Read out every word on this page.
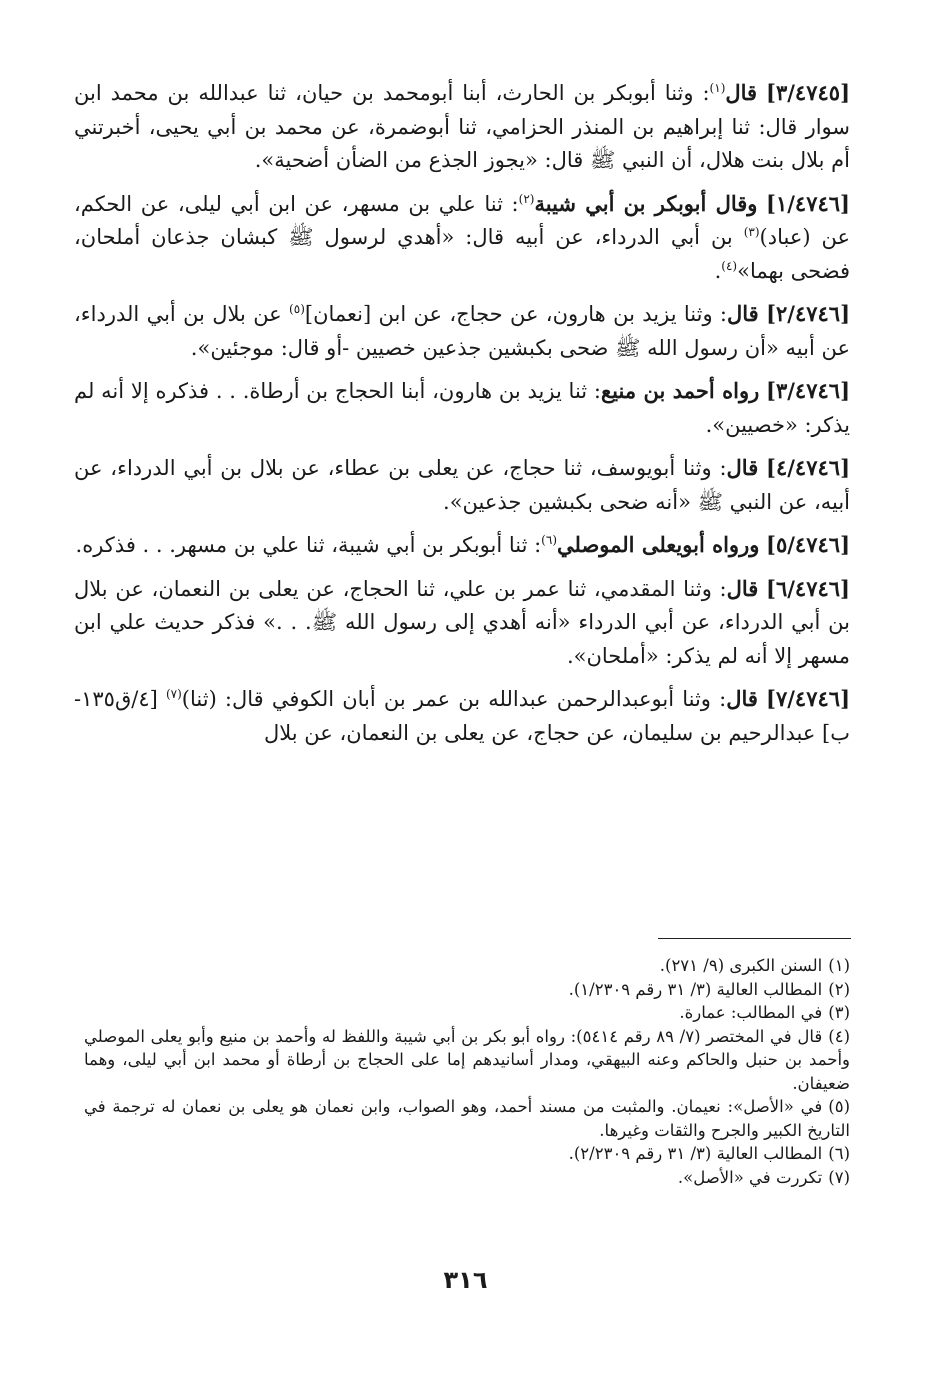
[٣/٤٧٤٥] قال$^{(١)}$: وثنا أبوبكر بن الحارث، أبنا أبومحمد بن حيان، ثنا عبدالله بن محمد ابن سوار قال: ثنا إبراهيم بن المنذر الحزامي، ثنا أبوضمرة، عن محمد بن أبي يحيى، أخبرتني أم بلال بنت هلال، أن النبي ﷺ قال: «يجوز الجذع من الضأن أضحية».

[١/٤٧٤٦] وقال أبوبكر بن أبي شيبة$^{(٢)}$: ثنا علي بن مسهر، عن ابن أبي ليلى، عن الحكم، عن (عباد)$^{(٣)}$ بن أبي الدرداء، عن أبيه قال: «أهدي لرسول ﷺ كبشان جذعان أملحان، فضحى بهما»$^{(٤)}$.

[٢/٤٧٤٦] قال: وثنا يزيد بن هارون، عن حجاج، عن ابن [نعمان]$^{(٥)}$ عن بلال بن أبي الدرداء، عن أبيه «أن رسول الله ﷺ ضحى بكبشين جذعين خصيين -أو قال: موجئين».

[٣/٤٧٤٦] رواه أحمد بن منيع: ثنا يزيد بن هارون، أبنا الحجاج بن أرطاة. . . فذكره إلا أنه لم يذكر: «خصيين».

[٤/٤٧٤٦] قال: وثنا أبويوسف، ثنا حجاج، عن يعلى بن عطاء، عن بلال بن أبي الدرداء، عن أبيه، عن النبي ﷺ «أنه ضحى بكبشين جذعين».

[٥/٤٧٤٦] ورواه أبويعلى الموصلي$^{(٦)}$: ثنا أبوبكر بن أبي شيبة، ثنا علي بن مسهر. . . فذكره.

[٦/٤٧٤٦] قال: وثنا المقدمي، ثنا عمر بن علي، ثنا الحجاج، عن يعلى بن النعمان، عن بلال بن أبي الدرداء، عن أبي الدرداء «أنه أهدي إلى رسول الله ﷺ. . .» فذكر حديث علي ابن مسهر إلا أنه لم يذكر: «أملحان».

[٧/٤٧٤٦] قال: وثنا أبوعبدالرحمن عبدالله بن عمر بن أبان الكوفي قال: (ثنا)$^{(٧)}$ [٤/ق١٣٥-ب] عبدالرحيم بن سليمان، عن حجاج، عن يعلى بن النعمان، عن بلال

(١)السنن الكبرى (٩/ ٢٧١).

(٢)المطالب العالية (٣/ ٣١ رقم ١/٢٣٠٩).

(٣)في المطالب: عمارة.

(٤)قال في المختصر (٧/ ٨٩ رقم ٥٤١٤): رواه أبو بكر بن أبي شيبة واللفظ له وأحمد بن منيع وأبو يعلى الموصلي وأحمد بن حنبل والحاكم وعنه البيهقي، ومدار أسانيدهم إما على الحجاج بن أرطاة أو محمد ابن أبي ليلى، وهما ضعيفان.

(٥)في «الأصل»: نعيمان. والمثبت من مسند أحمد، وهو الصواب، وابن نعمان هو يعلى بن نعمان له ترجمة في التاريخ الكبير والجرح والثقات وغيرها.

(٦)المطالب العالية (٣/ ٣١ رقم ٢/٢٣٠٩).

(٧)تكررت في «الأصل».

٣١٦
